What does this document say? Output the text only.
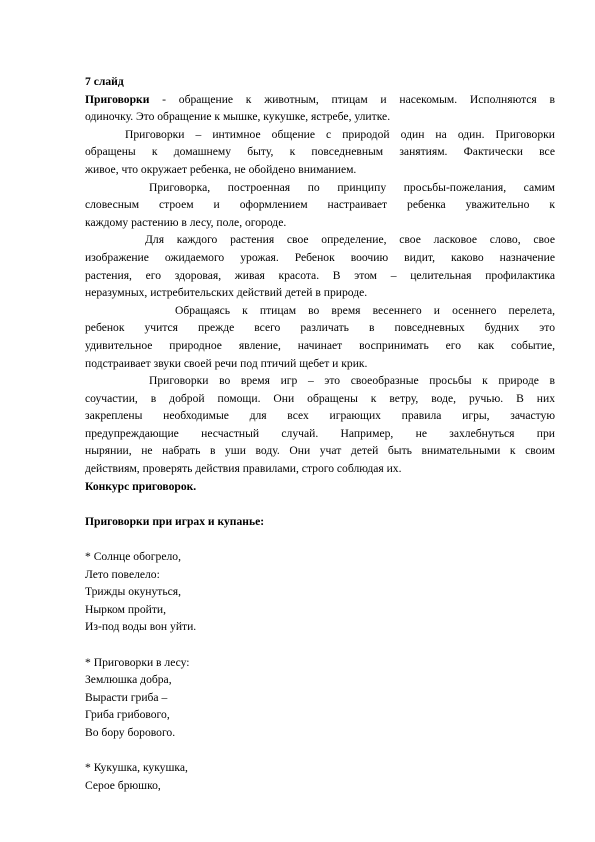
7 слайд
Приговорки - обращение к животным, птицам и насекомым. Исполняются в
одиночку. Это обращение к мышке, кукушке, ястребе, улитке.
Приговорки – интимное общение с природой один на один. Приговорки
обращены к домашнему быту, к повседневным занятиям. Фактически все
живое, что окружает ребенка, не обойдено вниманием.
Приговорка, построенная по принципу просьбы-пожелания, самим
словесным строем и оформлением настраивает ребенка уважительно к
каждому растению в лесу, поле, огороде.
Для каждого растения свое определение, свое ласковое слово, свое
изображение ожидаемого урожая. Ребенок воочию видит, каково назначение
растения, его здоровая, живая красота. В этом – целительная профилактика
неразумных, истребительских действий детей в природе.
Обращаясь к птицам во время весеннего и осеннего перелета,
ребенок учится прежде всего различать в повседневных будних это
удивительное природное явление, начинает воспринимать его как событие,
подстраивает звуки своей речи под птичий щебет и крик.
Приговорки во время игр – это своеобразные просьбы к природе в
соучастии, в доброй помощи. Они обращены к ветру, воде, ручью. В них
закреплены необходимые для всех играющих правила игры, зачастую
предупреждающие несчастный случай. Например, не захлебнуться при
нырянии, не набрать в уши воду. Они учат детей быть внимательными к своим
действиям, проверять действия правилами, строго соблюдая их.
Конкурс приговорок.
Приговорки при играх и купанье:
* Солнце обогрело,
Лето повелело:
Трижды окунуться,
Нырком пройти,
Из-под воды вон уйти.
* Приговорки в лесу:
Землюшка добра,
Вырасти гриба –
Гриба грибового,
Во бору борового.
* Кукушка, кукушка,
Серое брюшко,
